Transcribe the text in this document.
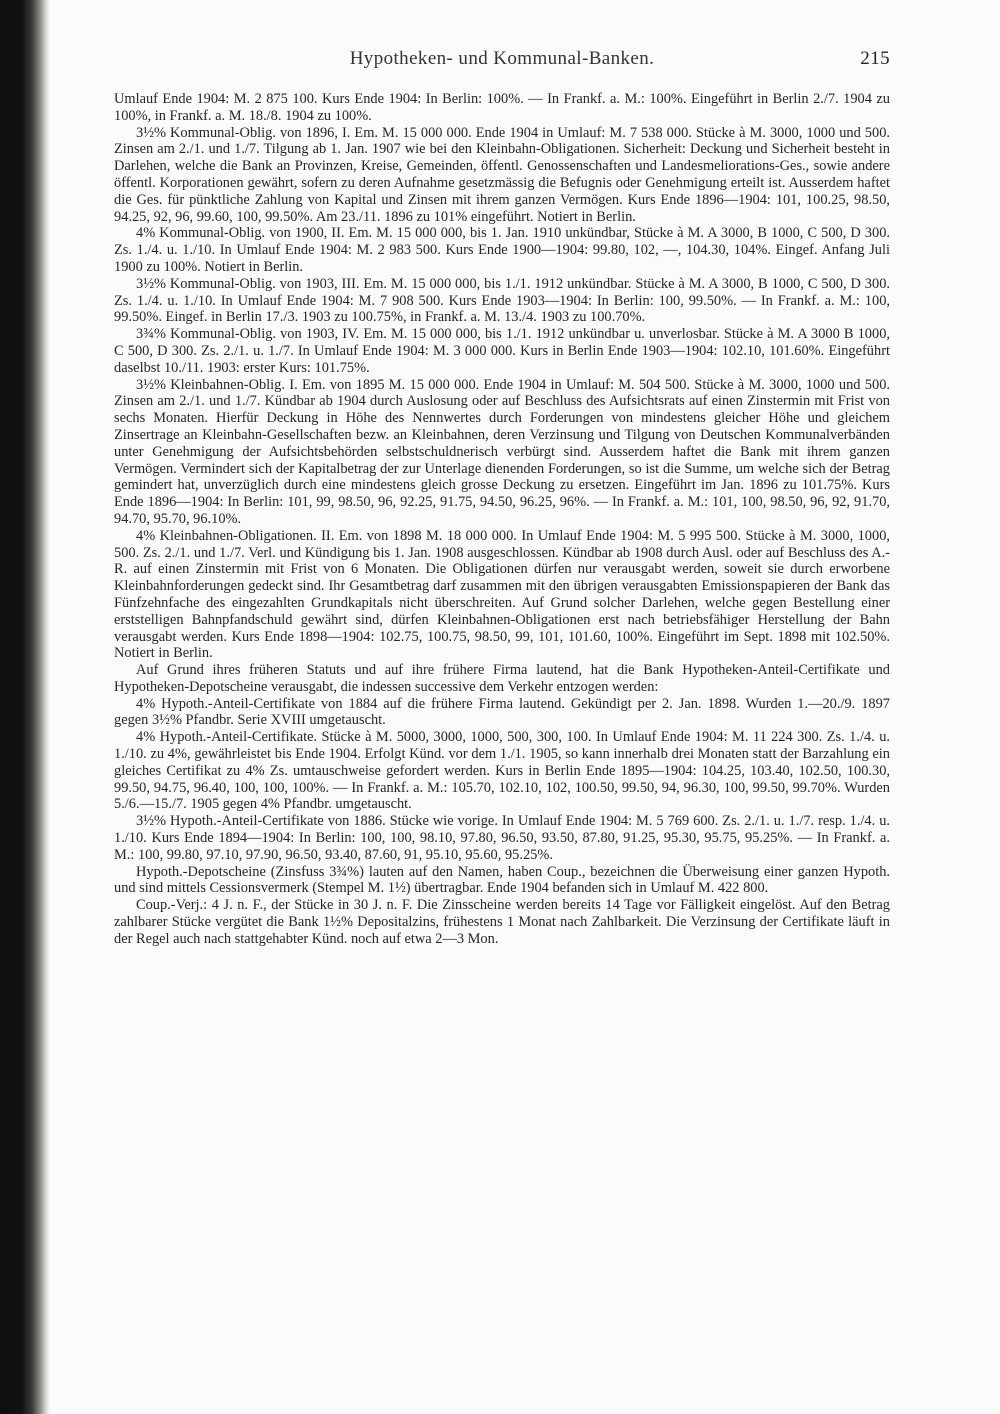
Hypotheken- und Kommunal-Banken.	215

Umlauf Ende 1904: M. 2 875 100. Kurs Ende 1904: In Berlin: 100%. — In Frankf. a. M.: 100%. Eingeführt in Berlin 2./7. 1904 zu 100%, in Frankf. a. M. 18./8. 1904 zu 100%.

3½% Kommunal-Oblig. von 1896, I. Em. M. 15 000 000. Ende 1904 in Umlauf: M. 7 538 000. Stücke à M. 3000, 1000 und 500. Zinsen am 2./1. und 1./7. Tilgung ab 1. Jan. 1907 wie bei den Kleinbahn-Obligationen. Sicherheit: Deckung und Sicherheit besteht in Darlehen, welche die Bank an Provinzen, Kreise, Gemeinden, öffentl. Genossenschaften und Landesmeliorations-Ges., sowie andere öffentl. Korporationen gewährt, sofern zu deren Aufnahme gesetzmässig die Befugnis oder Genehmigung erteilt ist. Ausserdem haftet die Ges. für pünktliche Zahlung von Kapital und Zinsen mit ihrem ganzen Vermögen. Kurs Ende 1896—1904: 101, 100.25, 98.50, 94.25, 92, 96, 99.60, 100, 99.50%. Am 23./11. 1896 zu 101% eingeführt. Notiert in Berlin.

4% Kommunal-Oblig. von 1900, II. Em. M. 15 000 000, bis 1. Jan. 1910 unkündbar, Stücke à M. A 3000, B 1000, C 500, D 300. Zs. 1./4. u. 1./10. In Umlauf Ende 1904: M. 2 983 500. Kurs Ende 1900—1904: 99.80, 102, —, 104.30, 104%. Eingef. Anfang Juli 1900 zu 100%. Notiert in Berlin.

3½% Kommunal-Oblig. von 1903, III. Em. M. 15 000 000, bis 1./1. 1912 unkündbar. Stücke à M. A 3000, B 1000, C 500, D 300. Zs. 1./4. u. 1./10. In Umlauf Ende 1904: M. 7 908 500. Kurs Ende 1903—1904: In Berlin: 100, 99.50%. — In Frankf. a. M.: 100, 99.50%. Eingef. in Berlin 17./3. 1903 zu 100.75%, in Frankf. a. M. 13./4. 1903 zu 100.70%.

3¾% Kommunal-Oblig. von 1903, IV. Em. M. 15 000 000, bis 1./1. 1912 unkündbar u. unverlosbar. Stücke à M. A 3000 B 1000, C 500, D 300. Zs. 2./1. u. 1./7. In Umlauf Ende 1904: M. 3 000 000. Kurs in Berlin Ende 1903—1904: 102.10, 101.60%. Eingeführt daselbst 10./11. 1903: erster Kurs: 101.75%.

3½% Kleinbahnen-Oblig. I. Em. von 1895 M. 15 000 000. Ende 1904 in Umlauf: M. 504 500. Stücke à M. 3000, 1000 und 500. Zinsen am 2./1. und 1./7. Kündbar ab 1904 durch Auslosung oder auf Beschluss des Aufsichtsrats auf einen Zinstermin mit Frist von sechs Monaten. Hierfür Deckung in Höhe des Nennwertes durch Forderungen von mindestens gleicher Höhe und gleichem Zinsertrage an Kleinbahn-Gesellschaften bezw. an Kleinbahnen, deren Verzinsung und Tilgung von Deutschen Kommunalverbänden unter Genehmigung der Aufsichtsbehörden selbstschuldnerisch verbürgt sind. Ausserdem haftet die Bank mit ihrem ganzen Vermögen. Vermindert sich der Kapitalbetrag der zur Unterlage dienenden Forderungen, so ist die Summe, um welche sich der Betrag gemindert hat, unverzüglich durch eine mindestens gleich grosse Deckung zu ersetzen. Eingeführt im Jan. 1896 zu 101.75%. Kurs Ende 1896—1904: In Berlin: 101, 99, 98.50, 96, 92.25, 91.75, 94.50, 96.25, 96%. — In Frankf. a. M.: 101, 100, 98.50, 96, 92, 91.70, 94.70, 95.70, 96.10%.

4% Kleinbahnen-Obligationen. II. Em. von 1898 M. 18 000 000. In Umlauf Ende 1904: M. 5 995 500. Stücke à M. 3000, 1000, 500. Zs. 2./1. und 1./7. Verl. und Kündigung bis 1. Jan. 1908 ausgeschlossen. Kündbar ab 1908 durch Ausl. oder auf Beschluss des A.-R. auf einen Zinstermin mit Frist von 6 Monaten. Die Obligationen dürfen nur verausgabt werden, soweit sie durch erworbene Kleinbahnforderungen gedeckt sind. Ihr Gesamtbetrag darf zusammen mit den übrigen verausgabten Emissionspapieren der Bank das Fünfzehnfache des eingezahlten Grundkapitals nicht überschreiten. Auf Grund solcher Darlehen, welche gegen Bestellung einer erststelligen Bahnpfandschuld gewährt sind, dürfen Kleinbahnen-Obligationen erst nach betriebsfähiger Herstellung der Bahn verausgabt werden. Kurs Ende 1898—1904: 102.75, 100.75, 98.50, 99, 101, 101.60, 100%. Eingeführt im Sept. 1898 mit 102.50%. Notiert in Berlin.

Auf Grund ihres früheren Statuts und auf ihre frühere Firma lautend, hat die Bank Hypotheken-Anteil-Certifikate und Hypotheken-Depotscheine verausgabt, die indessen successive dem Verkehr entzogen werden:

4% Hypoth.-Anteil-Certifikate von 1884 auf die frühere Firma lautend. Gekündigt per 2. Jan. 1898. Wurden 1.—20./9. 1897 gegen 3½% Pfandbr. Serie XVIII umgetauscht.

4% Hypoth.-Anteil-Certifikate. Stücke à M. 5000, 3000, 1000, 500, 300, 100. In Umlauf Ende 1904: M. 11 224 300. Zs. 1./4. u. 1./10. zu 4%, gewährleistet bis Ende 1904. Erfolgt Künd. vor dem 1./1. 1905, so kann innerhalb drei Monaten statt der Barzahlung ein gleiches Certifikat zu 4% Zs. umtauschweise gefordert werden. Kurs in Berlin Ende 1895—1904: 104.25, 103.40, 102.50, 100.30, 99.50, 94.75, 96.40, 100, 100, 100%. — In Frankf. a. M.: 105.70, 102.10, 102, 100.50, 99.50, 94, 96.30, 100, 99.50, 99.70%. Wurden 5./6.—15./7. 1905 gegen 4% Pfandbr. umgetauscht.

3½% Hypoth.-Anteil-Certifikate von 1886. Stücke wie vorige. In Umlauf Ende 1904: M. 5 769 600. Zs. 2./1. u. 1./7. resp. 1./4. u. 1./10. Kurs Ende 1894—1904: In Berlin: 100, 100, 98.10, 97.80, 96.50, 93.50, 87.80, 91.25, 95.30, 95.75, 95.25%. — In Frankf. a. M.: 100, 99.80, 97.10, 97.90, 96.50, 93.40, 87.60, 91, 95.10, 95.60, 95.25%.

Hypoth.-Depotscheine (Zinsfuss 3¾%) lauten auf den Namen, haben Coup., bezeichnen die Überweisung einer ganzen Hypoth. und sind mittels Cessionsvermerk (Stempel M. 1½) übertragbar. Ende 1904 befanden sich in Umlauf M. 422 800.

Coup.-Verj.: 4 J. n. F., der Stücke in 30 J. n. F. Die Zinsscheine werden bereits 14 Tage vor Fälligkeit eingelöst. Auf den Betrag zahlbarer Stücke vergütet die Bank 1½% Depositalzins, frühestens 1 Monat nach Zahlbarkeit. Die Verzinsung der Certifikate läuft in der Regel auch nach stattgehabter Künd. noch auf etwa 2—3 Mon.
